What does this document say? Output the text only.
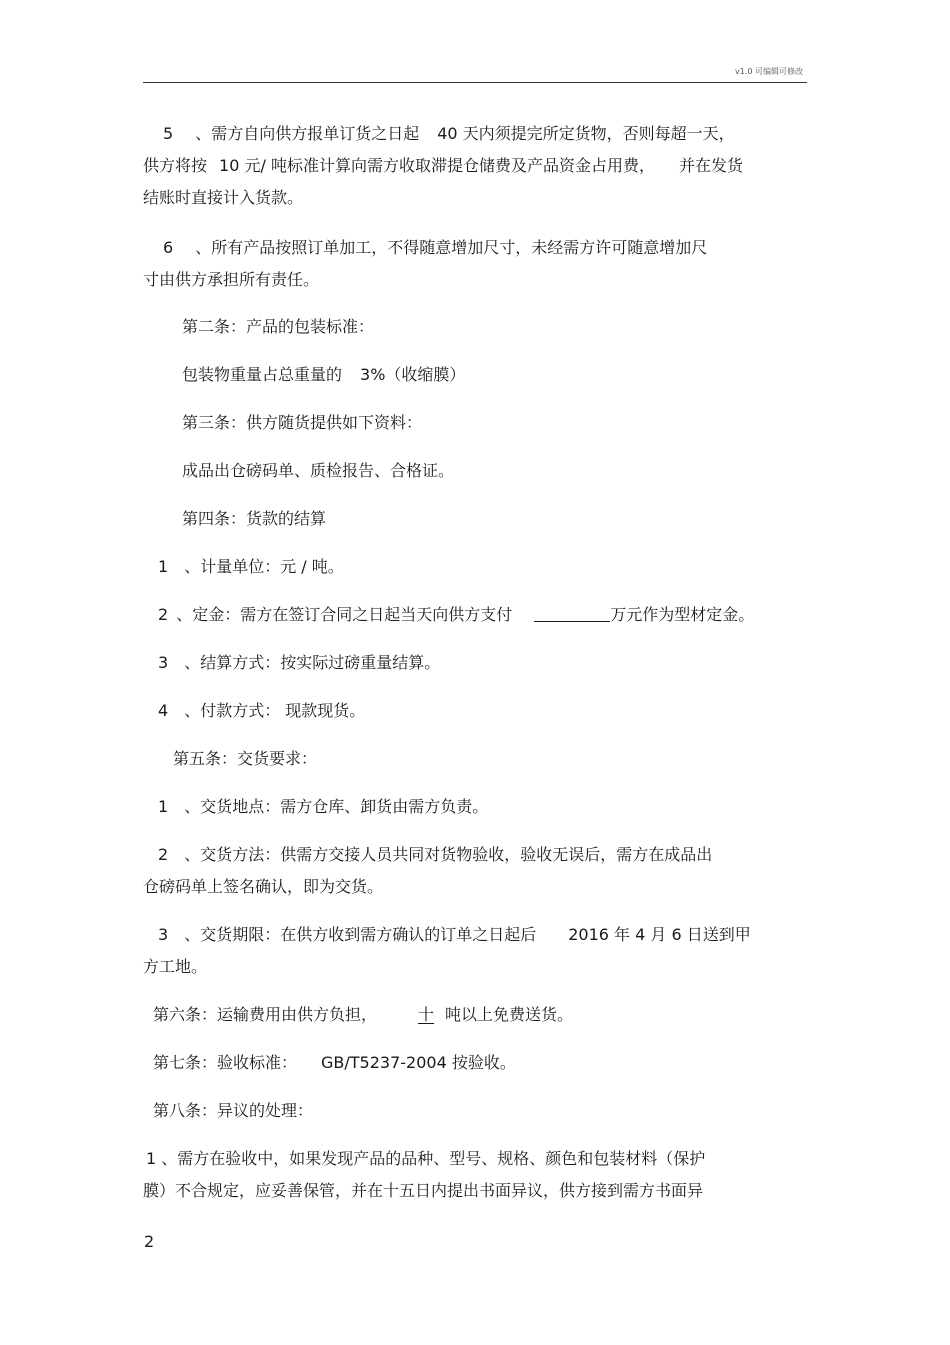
v1.0 可编辑可修改

5 、需方自向供方报单订货之日起 40 天内须提完所定货物，否则每超一天，

供方将按 10 元/ 吨标准计算向需方收取滞提仓储费及产品资金占用费， 并在发货

结账时直接计入货款。

6 、所有产品按照订单加工，不得随意增加尺寸，未经需方许可随意增加尺

寸由供方承担所有责任。

第二条：产品的包装标准：

包装物重量占总重量的 3%（收缩膜）

第三条：供方随货提供如下资料：

成品出仓磅码单、质检报告、合格证。

第四条：货款的结算

1 、计量单位：元 / 吨。

2 、定金：需方在签订合同之日起当天向供方支付	万元作为型材定金。

3 、结算方式：按实际过磅重量结算。

4 、付款方式： 现款现货。

第五条：交货要求：

1 、交货地点：需方仓库、卸货由需方负责。

2 、交货方法：供需方交接人员共同对货物验收，验收无误后，需方在成品出

仓磅码单上签名确认，即为交货。

3 、交货期限：在供方收到需方确认的订单之日起后 2016 年 4 月 6 日送到甲

方工地。

第六条：运输费用由供方负担，	十 吨以上免费送货。

第七条：验收标准： GB/T5237-2004 按验收。

第八条：异议的处理：

1 、需方在验收中，如果发现产品的品种、型号、规格、颜色和包装材料（保护

膜）不合规定，应妥善保管，并在十五日内提出书面异议，供方接到需方书面异

2
